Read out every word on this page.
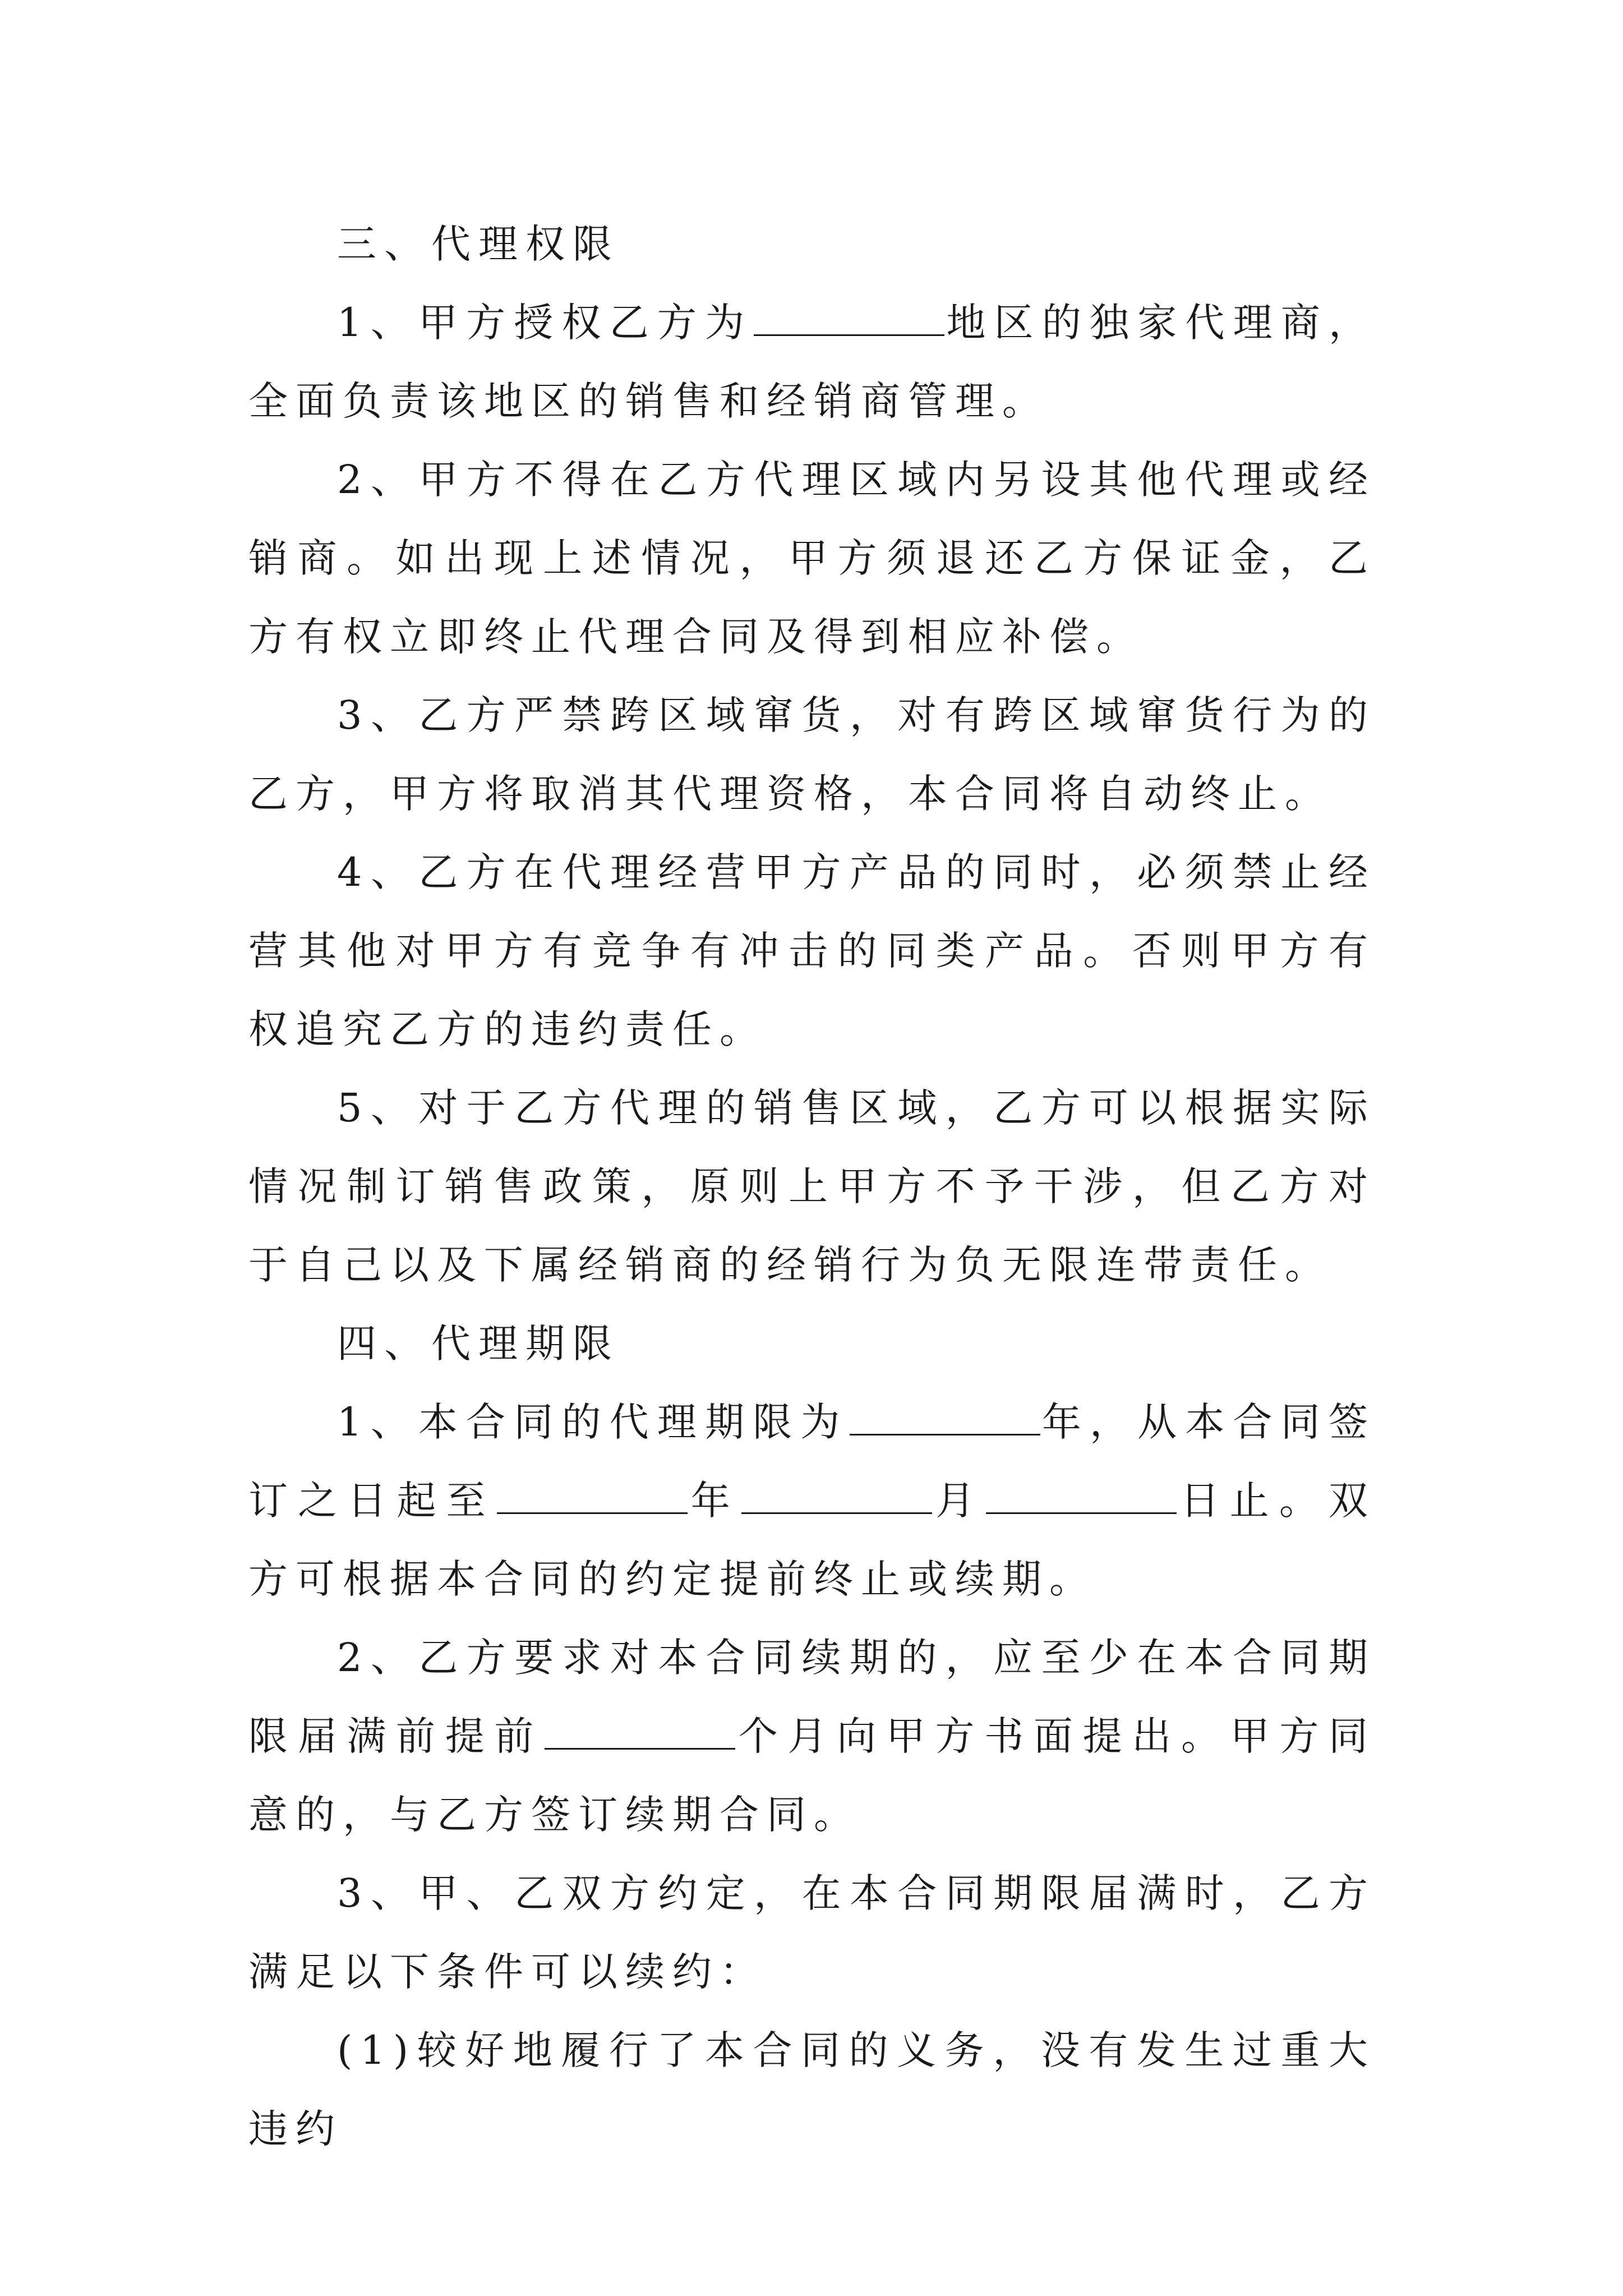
三、代理权限

1、甲方授权乙方为	地区的独家代理商，全面负责该地区的销售和经销商管理。

2、甲方不得在乙方代理区域内另设其他代理或经销商。如出现上述情况，甲方须退还乙方保证金，乙方有权立即终止代理合同及得到相应补偿。

3、乙方严禁跨区域窜货，对有跨区域窜货行为的乙方，甲方将取消其代理资格，本合同将自动终止。

4、乙方在代理经营甲方产品的同时，必须禁止经营其他对甲方有竞争有冲击的同类产品。否则甲方有权追究乙方的违约责任。

5、对于乙方代理的销售区域，乙方可以根据实际情况制订销售政策，原则上甲方不予干涉，但乙方对于自己以及下属经销商的经销行为负无限连带责任。

四、代理期限

1、本合同的代理期限为	年，从本合同签订之日起至	年	月	日止。双方可根据本合同的约定提前终止或续期。

2、乙方要求对本合同续期的，应至少在本合同期限届满前提前	个月向甲方书面提出。甲方同意的，与乙方签订续期合同。

3、甲、乙双方约定，在本合同期限届满时，乙方满足以下条件可以续约：

(1)较好地履行了本合同的义务，没有发生过重大违约
